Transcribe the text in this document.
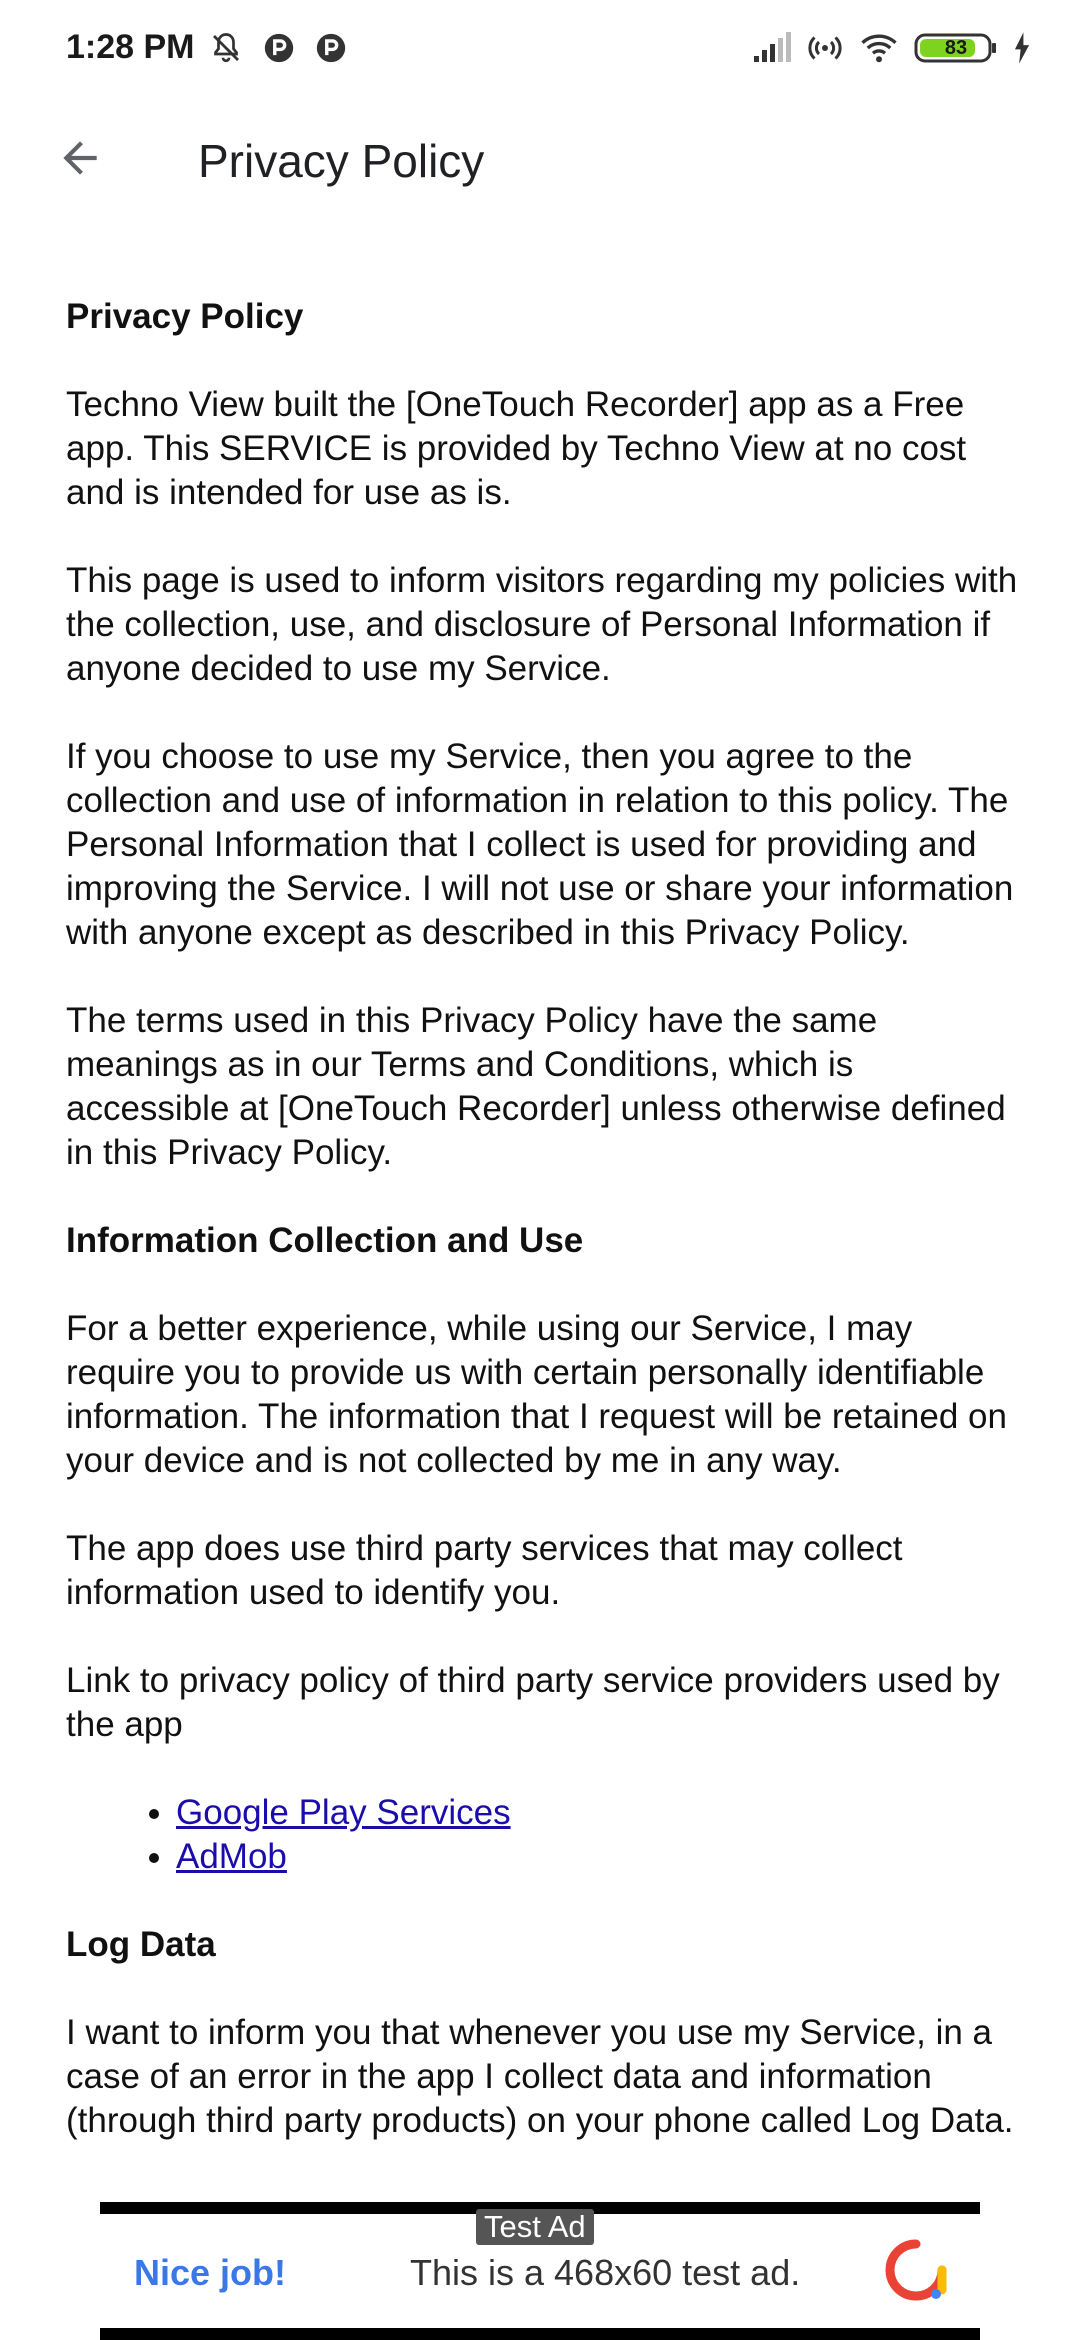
1:28 PM	83
Privacy Policy
Privacy Policy

Techno View built the [OneTouch Recorder] app as a Free app. This SERVICE is provided by Techno View at no cost and is intended for use as is.

This page is used to inform visitors regarding my policies with the collection, use, and disclosure of Personal Information if anyone decided to use my Service.

If you choose to use my Service, then you agree to the collection and use of information in relation to this policy. The Personal Information that I collect is used for providing and improving the Service. I will not use or share your information with anyone except as described in this Privacy Policy.

The terms used in this Privacy Policy have the same meanings as in our Terms and Conditions, which is accessible at [OneTouch Recorder] unless otherwise defined in this Privacy Policy.

Information Collection and Use

For a better experience, while using our Service, I may require you to provide us with certain personally identifiable information. The information that I request will be retained on your device and is not collected by me in any way.

The app does use third party services that may collect information used to identify you.

Link to privacy policy of third party service providers used by the app

• Google Play Services
• AdMob
Log Data

I want to inform you that whenever you use my Service, in a case of an error in the app I collect data and information (through third party products) on your phone called Log Data.

Test Ad
Nice job!	This is a 468x60 test ad.
